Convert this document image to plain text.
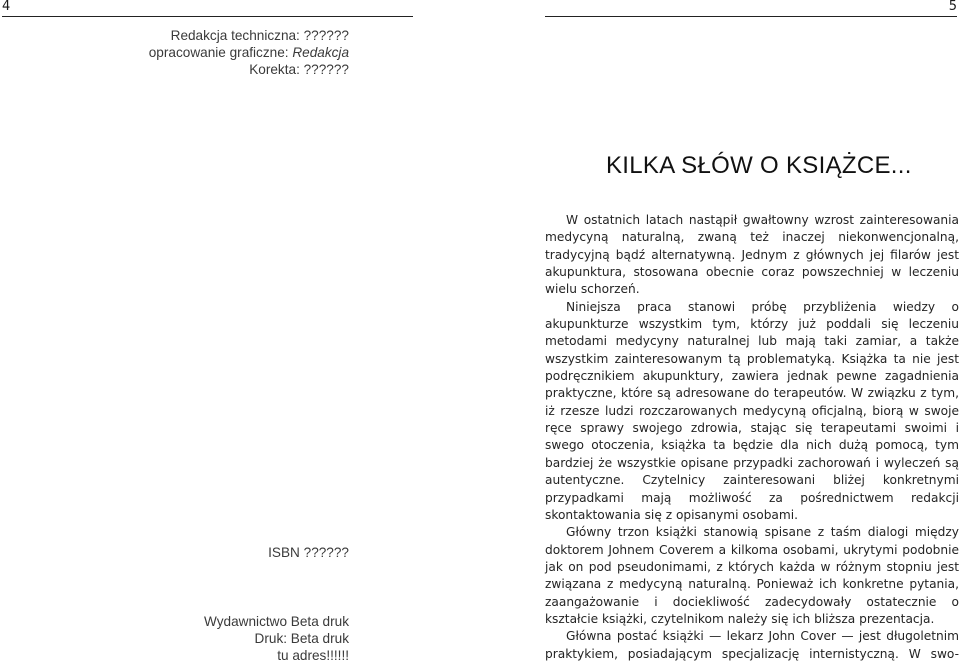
4
Redakcja techniczna: ??????
opracowanie graficzne: Redakcja
Korekta: ??????
ISBN ??????
Wydawnictwo Beta druk
Druk: Beta druk
tu adres!!!!!!
5
KILKA SŁÓW O KSIĄŻCE...

W ostatnich latach nastąpił gwałtowny wzrost zainteresowania medycyną naturalną, zwaną też inaczej niekonwencjonalną, tradycyjną bądź alternatywną. Jednym z głównych jej filarów jest akupunktura, stosowana obecnie coraz powszechniej w leczeniu wielu schorzeń.

Niniejsza praca stanowi próbę przybliżenia wiedzy o akupunkturze wszystkim tym, którzy już poddali się leczeniu metodami medycyny naturalnej lub mają taki zamiar, a także wszystkim zainteresowanym tą problematyką. Książka ta nie jest podręcznikiem akupunktury, zawiera jednak pewne zagadnienia praktyczne, które są adresowane do terapeutów. W związku z tym, iż rzesze ludzi rozczarowanych medycyną oficjalną, biorą w swoje ręce sprawy swojego zdrowia, stając się terapeutami swoimi i swego otoczenia, książka ta będzie dla nich dużą pomocą, tym bardziej że wszystkie opisane przypadki zachorowań i wyleczeń są autentyczne. Czytelnicy zainteresowani bliżej konkretnymi przypadkami mają możliwość za pośrednictwem redakcji skontaktowania się z opisanymi osobami.

Główny trzon książki stanowią spisane z taśm dialogi między doktorem Johnem Coverem a kilkoma osobami, ukrytymi podobnie jak on pod pseudonimami, z których każda w różnym stopniu jest związana z medycyną naturalną. Ponieważ ich konkretne pytania, zaangażowanie i dociekliwość zadecydowały ostatecznie o kształcie książki, czytelnikom należy się ich bliższa prezentacja.

Główna postać książki — lekarz John Cover — jest długoletnim praktykiem, posiadającym specjalizację internistyczną. W swo-
